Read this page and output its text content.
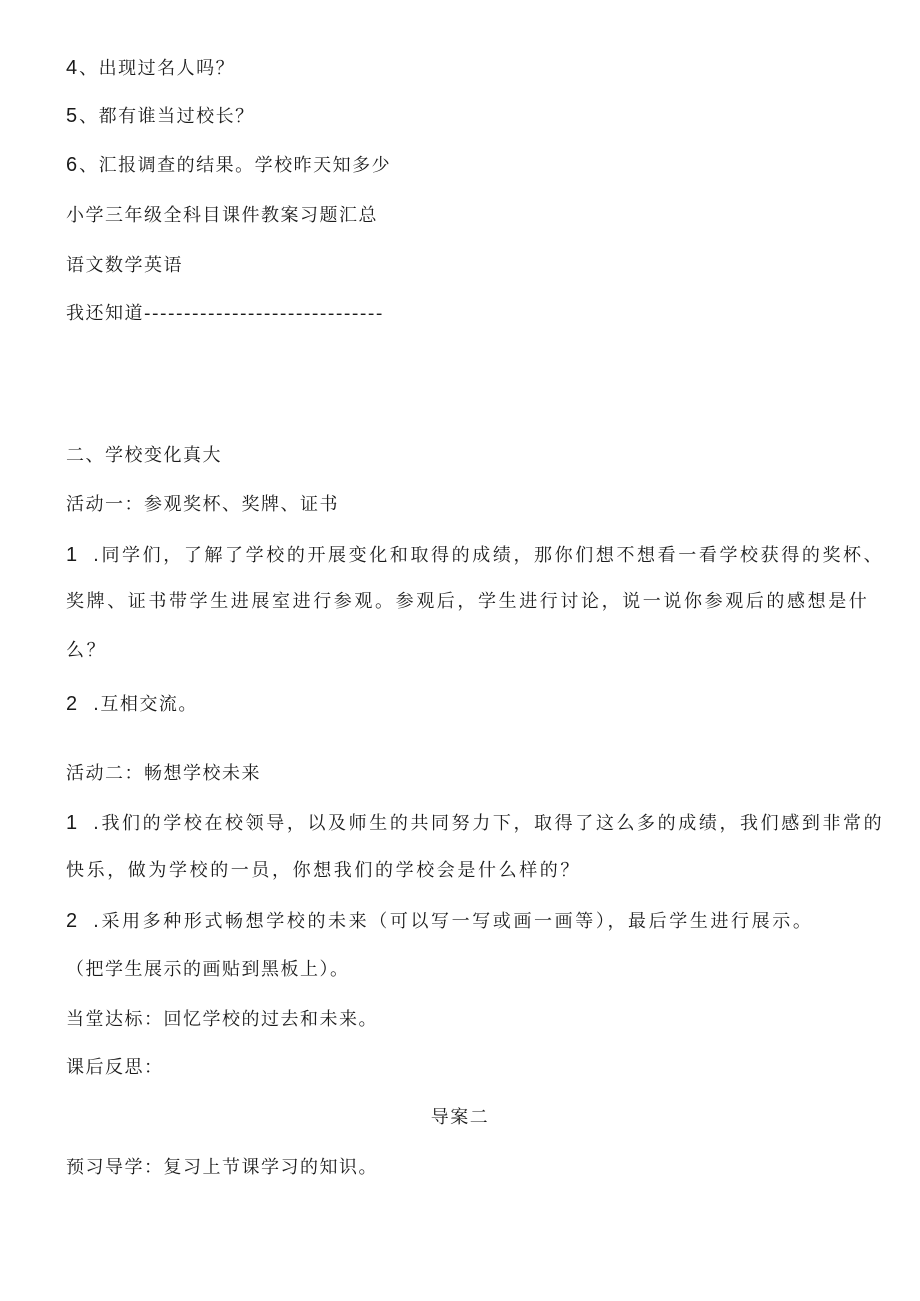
4 、出现过名人吗？
5 、都有谁当过校长？
6 、汇报调查的结果。学校昨天知多少
小学三年级全科目课件教案习题汇总
语文数学英语
我还知道------------------------------
二、学校变化真大
活动一：参观奖杯、奖牌、证书
1 .同学们，了解了学校的开展变化和取得的成绩，那你们想不想看一看学校获得的奖杯、
奖牌、证书带学生进展室进行参观。参观后，学生进行讨论，说一说你参观后的感想是什
么？
2 .互相交流。
活动二：畅想学校未来
1 .我们的学校在校领导，以及师生的共同努力下，取得了这么多的成绩，我们感到非常的
快乐，做为学校的一员，你想我们的学校会是什么样的？
2 .采用多种形式畅想学校的未来（可以写一写或画一画等），最后学生进行展示。
（把学生展示的画贴到黑板上）。
当堂达标：回忆学校的过去和未来。
课后反思：
导案二
预习导学：复习上节课学习的知识。
